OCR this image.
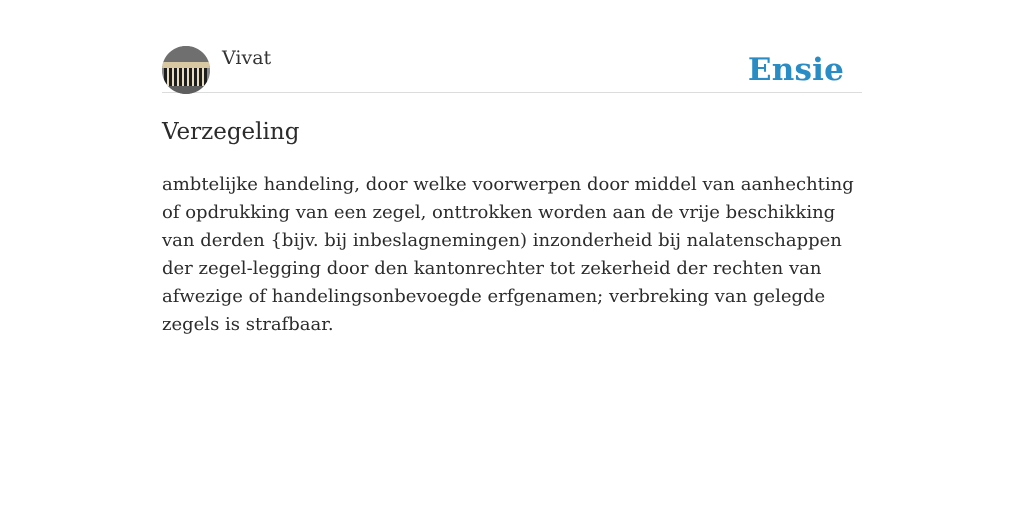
Vivat	Ensie
Verzegeling

ambtelijke handeling, door welke voorwerpen door middel van aanhechting of opdrukking van een zegel, onttrokken worden aan de vrije beschikking van derden {bijv. bij inbeslagnemingen) inzonderheid bij nalatenschappen der zegel-legging door den kantonrechter tot zekerheid der rechten van afwezige of handelingsonbevoegde erfgenamen; verbreking van gelegde zegels is strafbaar.
